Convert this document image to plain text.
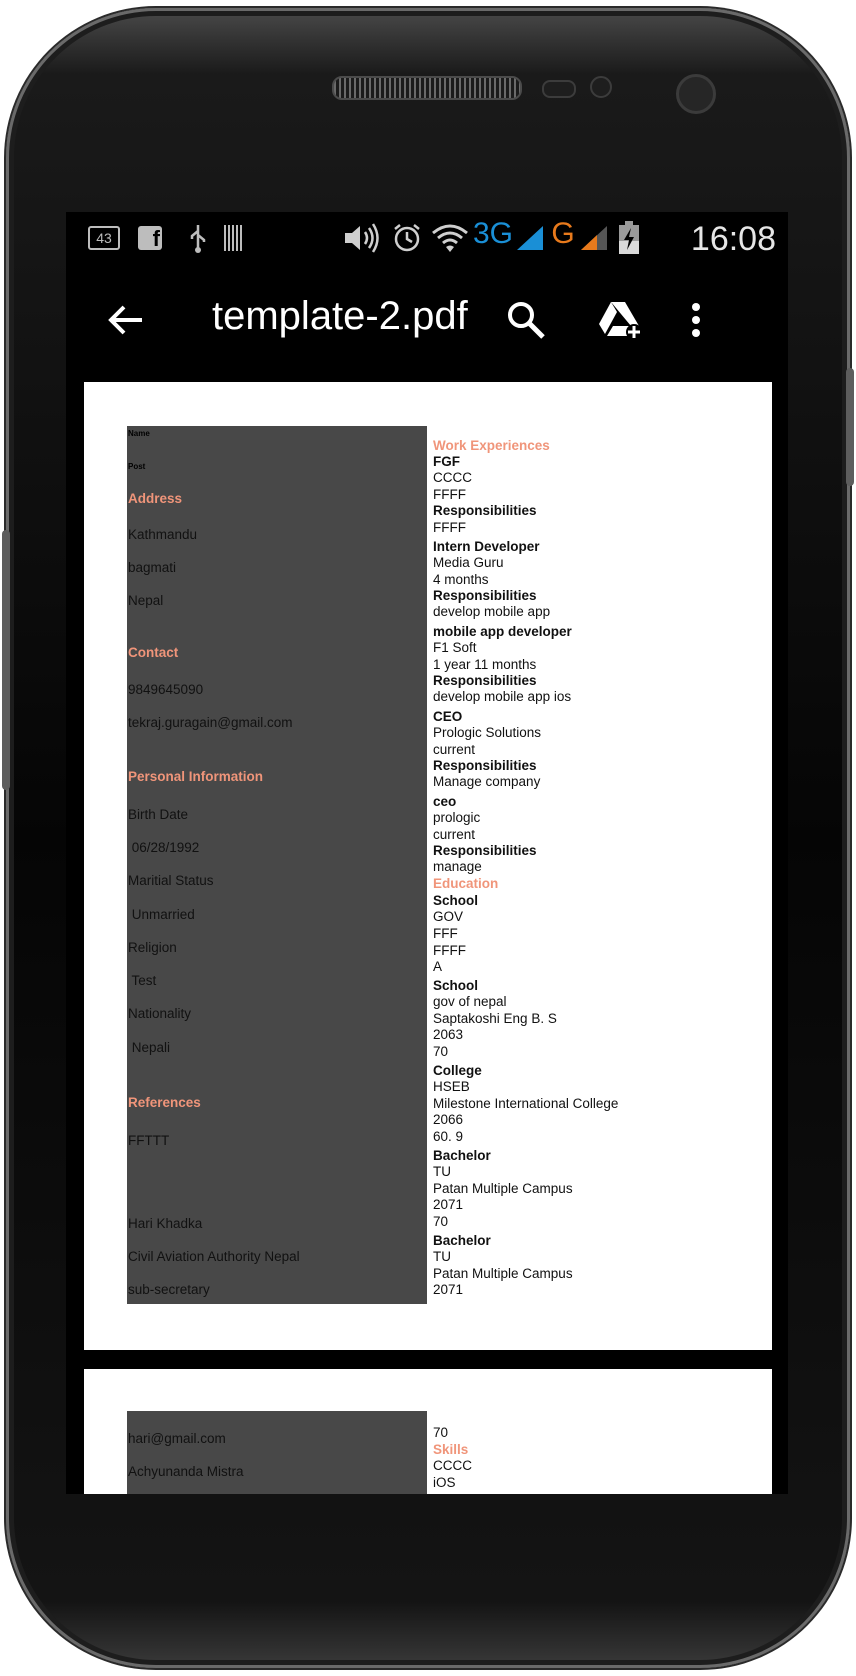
43	f	3G G	16:08
template-2.pdf
Name
Post
Address
Kathmandu
bagmati
Nepal
Contact
9849645090
tekraj.guragain@gmail.com
Personal Information
Birth Date
06/28/1992
Maritial Status
Unmarried
Religion
Test
Nationality
Nepali
References
FFTTT
Hari Khadka
Civil Aviation Authority Nepal
sub-secretary
Work Experiences
FGF
CCCC
FFFF
Responsibilities
FFFF
Intern Developer
Media Guru
4 months
Responsibilities
develop mobile app
mobile app developer
F1 Soft
1 year 11 months
Responsibilities
develop mobile app ios
CEO
Prologic Solutions
current
Responsibilities
Manage company
ceo
prologic
current
Responsibilities
manage
Education
School
GOV
FFF
FFFF
A
School
gov of nepal
Saptakoshi Eng B. S
2063
70
College
HSEB
Milestone International College
2066
60. 9
Bachelor
TU
Patan Multiple Campus
2071
70
Bachelor
TU
Patan Multiple Campus
2071
hari@gmail.com
Achyunanda Mistra
70
Skills
CCCC
iOS
